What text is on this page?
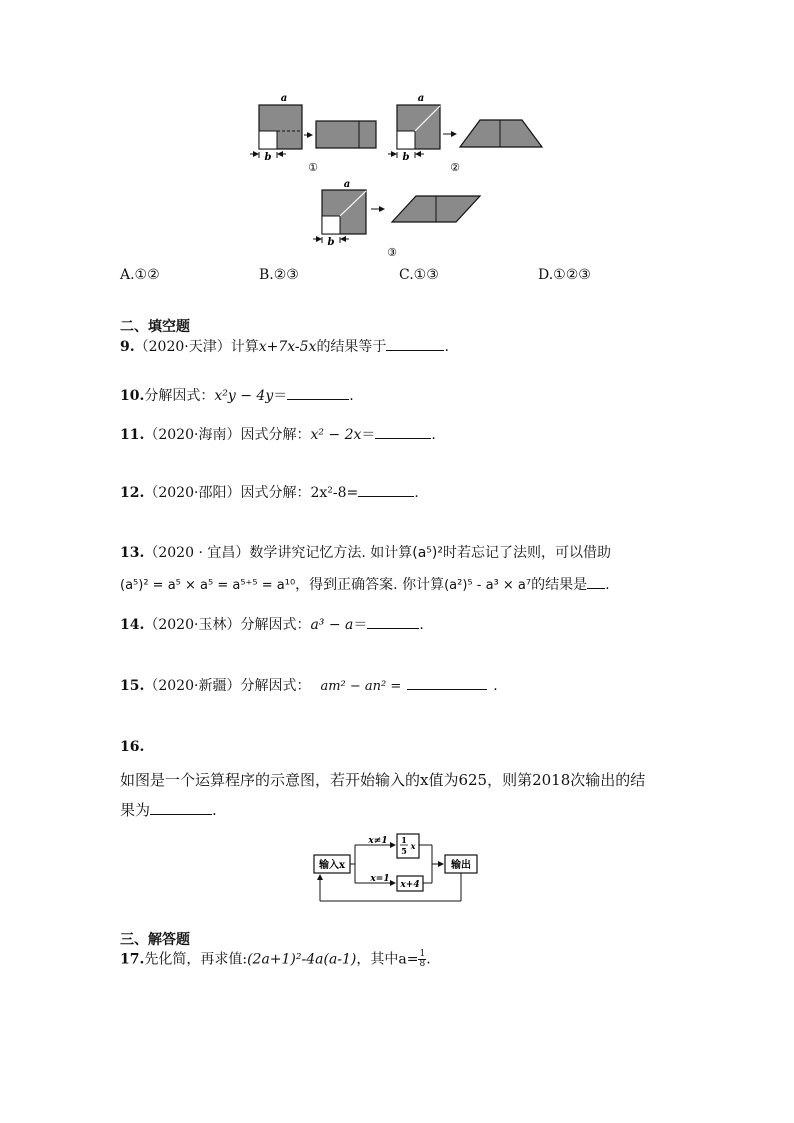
a
b
①
a
b
②
a
b
③
A.①②	B.②③	C.①③	D.①②③
二、填空题
9.（2020·天津）计算x+7x-5x的结果等于	.
10.分解因式：x²y − 4y＝	.
11.（2020·海南）因式分解：x² − 2x＝	.
12.（2020·邵阳）因式分解：2x²-8=	.
13.（2020 · 宜昌）数学讲究记忆方法. 如计算(a⁵)²时若忘记了法则，可以借助
(a⁵)² = a⁵ × a⁵ = a⁵⁺⁵ = a¹⁰，得到正确答案. 你计算(a²)⁵ - a³ × a⁷的结果是 .
14.（2020·玉林）分解因式：a³ − a＝	.
15.（2020·新疆）分解因式： am² − an² =	.
16.
如图是一个运算程序的示意图，若开始输入的x值为625，则第2018次输出的结
果为	.
输入x
x≠1
x=1
1
5 x
x+4
输出
三、解答题
17.先化简，再求值:(2a+1)²-4a(a-1)，其中$a= \frac{1}{8}$ .
